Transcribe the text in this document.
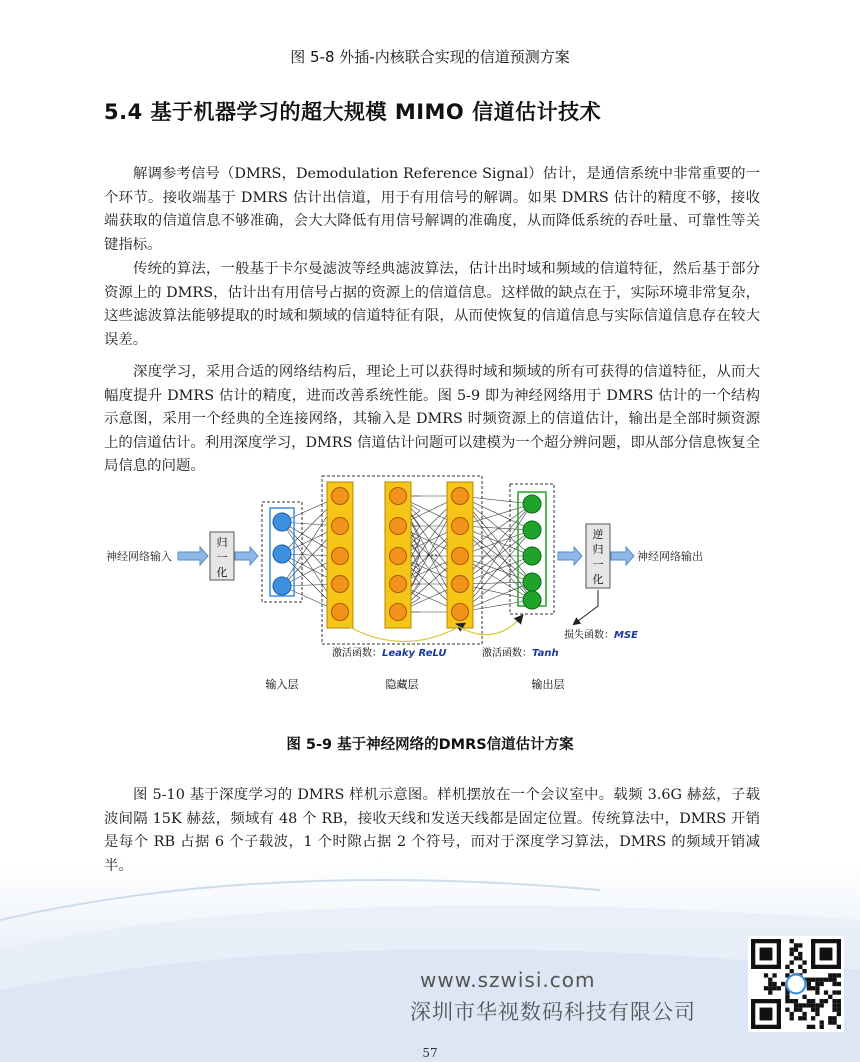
图 5-8 外插-内核联合实现的信道预测方案
5.4 基于机器学习的超大规模 MIMO 信道估计技术

解调参考信号（DMRS，Demodulation Reference Signal）估计，是通信系统中非常重要的一个环节。接收端基于 DMRS 估计出信道，用于有用信号的解调。如果 DMRS 估计的精度不够，接收端获取的信道信息不够准确，会大大降低有用信号解调的准确度，从而降低系统的吞吐量、可靠性等关键指标。

传统的算法，一般基于卡尔曼滤波等经典滤波算法，估计出时域和频域的信道特征，然后基于部分资源上的 DMRS，估计出有用信号占据的资源上的信道信息。这样做的缺点在于，实际环境非常复杂，这些滤波算法能够提取的时域和频域的信道特征有限，从而使恢复的信道信息与实际信道信息存在较大误差。

深度学习，采用合适的网络结构后，理论上可以获得时域和频域的所有可获得的信道特征，从而大幅度提升 DMRS 估计的精度，进而改善系统性能。图 5-9 即为神经网络用于 DMRS 估计的一个结构示意图，采用一个经典的全连接网络，其输入是 DMRS 时频资源上的信道估计，输出是全部时频资源上的信道估计。利用深度学习，DMRS 信道估计问题可以建模为一个超分辨问题，即从部分信息恢复全局信息的问题。

神经网络输入
归一化
…
逆归一化
神经网络输出
损失函数：MSE
激活函数：Leaky ReLU	激活函数：Tanh
输入层	隐藏层	输出层
图 5-9 基于神经网络的DMRS信道估计方案

图 5-10 基于深度学习的 DMRS 样机示意图。样机摆放在一个会议室中。载频 3.6G 赫兹，子载波间隔 15K 赫兹，频域有 48 个 RB，接收天线和发送天线都是固定位置。传统算法中，DMRS 开销是每个 RB 占据 6 个子载波，1 个时隙占据 2 个符号，而对于深度学习算法，DMRS 的频域开销减半。

www.szwisi.com
深圳市华视数码科技有限公司
57
